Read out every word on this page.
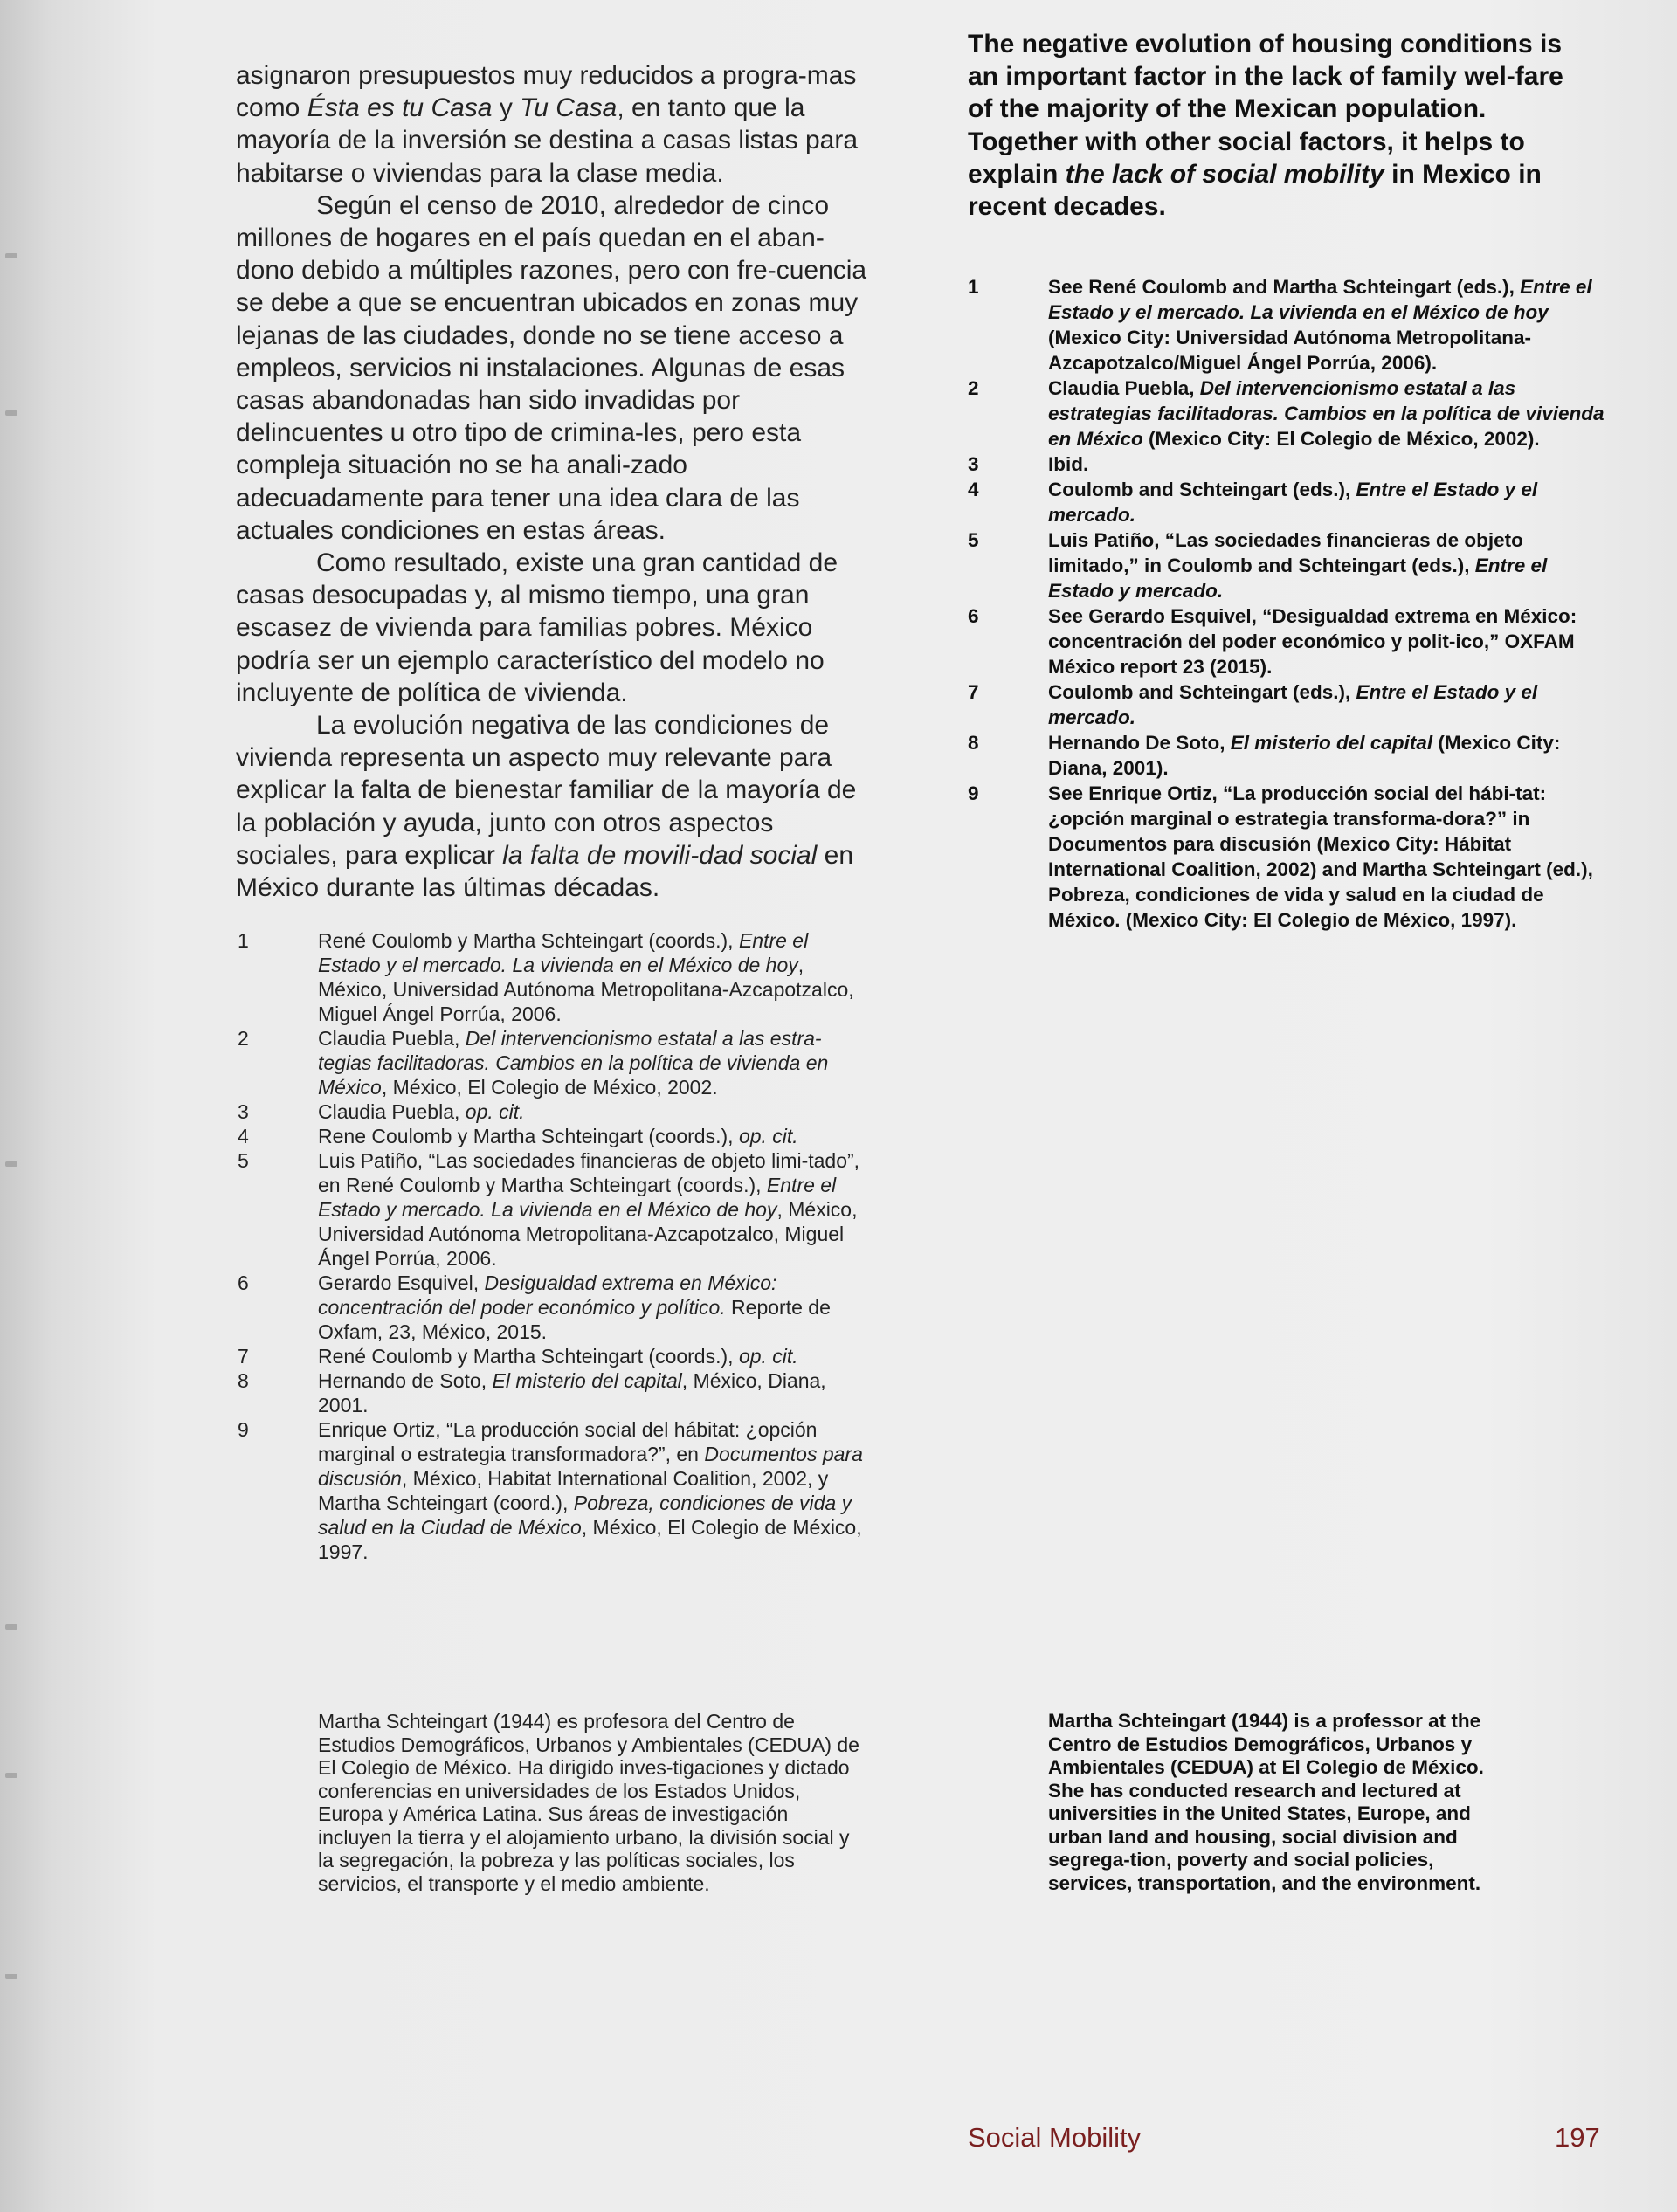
asignaron presupuestos muy reducidos a progra-mas como Ésta es tu Casa y Tu Casa, en tanto que la mayoría de la inversión se destina a casas listas para habitarse o viviendas para la clase media.

Según el censo de 2010, alrededor de cinco millones de hogares en el país quedan en el aban-dono debido a múltiples razones, pero con fre-cuencia se debe a que se encuentran ubicados en zonas muy lejanas de las ciudades, donde no se tiene acceso a empleos, servicios ni instalaciones. Algunas de esas casas abandonadas han sido invadidas por delincuentes u otro tipo de crimina-les, pero esta compleja situación no se ha anali-zado adecuadamente para tener una idea clara de las actuales condiciones en estas áreas.

Como resultado, existe una gran cantidad de casas desocupadas y, al mismo tiempo, una gran escasez de vivienda para familias pobres. México podría ser un ejemplo característico del modelo no incluyente de política de vivienda.

La evolución negativa de las condiciones de vivienda representa un aspecto muy relevante para explicar la falta de bienestar familiar de la mayoría de la población y ayuda, junto con otros aspectos sociales, para explicar la falta de movili-dad social en México durante las últimas décadas.

The negative evolution of housing conditions is an important factor in the lack of family wel-fare of the majority of the Mexican population. Together with other social factors, it helps to explain the lack of social mobility in Mexico in recent decades.

1	René Coulomb y Martha Schteingart (coords.), Entre el Estado y el mercado. La vivienda en el México de hoy, México, Universidad Autónoma Metropolitana-Azcapotzalco, Miguel Ángel Porrúa, 2006.
2	Claudia Puebla, Del intervencionismo estatal a las estra-tegias facilitadoras. Cambios en la política de vivienda en México, México, El Colegio de México, 2002.
3	Claudia Puebla, op. cit.
4	Rene Coulomb y Martha Schteingart (coords.), op. cit.
5	Luis Patiño, “Las sociedades financieras de objeto limi-tado”, en René Coulomb y Martha Schteingart (coords.), Entre el Estado y mercado. La vivienda en el México de hoy, México, Universidad Autónoma Metropolitana-Azcapotzalco, Miguel Ángel Porrúa, 2006.
6	Gerardo Esquivel, Desigualdad extrema en México: concentración del poder económico y político. Reporte de Oxfam, 23, México, 2015.
7	René Coulomb y Martha Schteingart (coords.), op. cit.
8	Hernando de Soto, El misterio del capital, México, Diana, 2001.
9	Enrique Ortiz, “La producción social del hábitat: ¿opción marginal o estrategia transformadora?”, en Documentos para discusión, México, Habitat International Coalition, 2002, y Martha Schteingart (coord.), Pobreza, condiciones de vida y salud en la Ciudad de México, México, El Colegio de México, 1997.
1	See René Coulomb and Martha Schteingart (eds.), Entre el Estado y el mercado. La vivienda en el México de hoy (Mexico City: Universidad Autónoma Metropolitana-Azcapotzalco/Miguel Ángel Porrúa, 2006).
2	Claudia Puebla, Del intervencionismo estatal a las estrategias facilitadoras. Cambios en la política de vivienda en México (Mexico City: El Colegio de México, 2002).
3	Ibid.
4	Coulomb and Schteingart (eds.), Entre el Estado y el mercado.
5	Luis Patiño, “Las sociedades financieras de objeto limitado,” in Coulomb and Schteingart (eds.), Entre el Estado y mercado.
6	See Gerardo Esquivel, “Desigualdad extrema en México: concentración del poder económico y polit-ico,” OXFAM México report 23 (2015).
7	Coulomb and Schteingart (eds.), Entre el Estado y el mercado.
8	Hernando De Soto, El misterio del capital (Mexico City: Diana, 2001).
9	See Enrique Ortiz, “La producción social del hábi-tat: ¿opción marginal o estrategia transforma-dora?” in Documentos para discusión (Mexico City: Hábitat International Coalition, 2002) and Martha Schteingart (ed.), Pobreza, condiciones de vida y salud en la ciudad de México. (Mexico City: El Colegio de México, 1997).
Martha Schteingart (1944) es profesora del Centro de Estudios Demográficos, Urbanos y Ambientales (CEDUA) de El Colegio de México. Ha dirigido inves-tigaciones y dictado conferencias en universidades de los Estados Unidos, Europa y América Latina. Sus áreas de investigación incluyen la tierra y el alojamiento urbano, la división social y la segregación, la pobreza y las políticas sociales, los servicios, el transporte y el medio ambiente.
Martha Schteingart (1944) is a professor at the Centro de Estudios Demográficos, Urbanos y Ambientales (CEDUA) at El Colegio de México. She has conducted research and lectured at universities in the United States, Europe, and urban land and housing, social division and segrega-tion, poverty and social policies, services, transportation, and the environment.
Social Mobility	197
